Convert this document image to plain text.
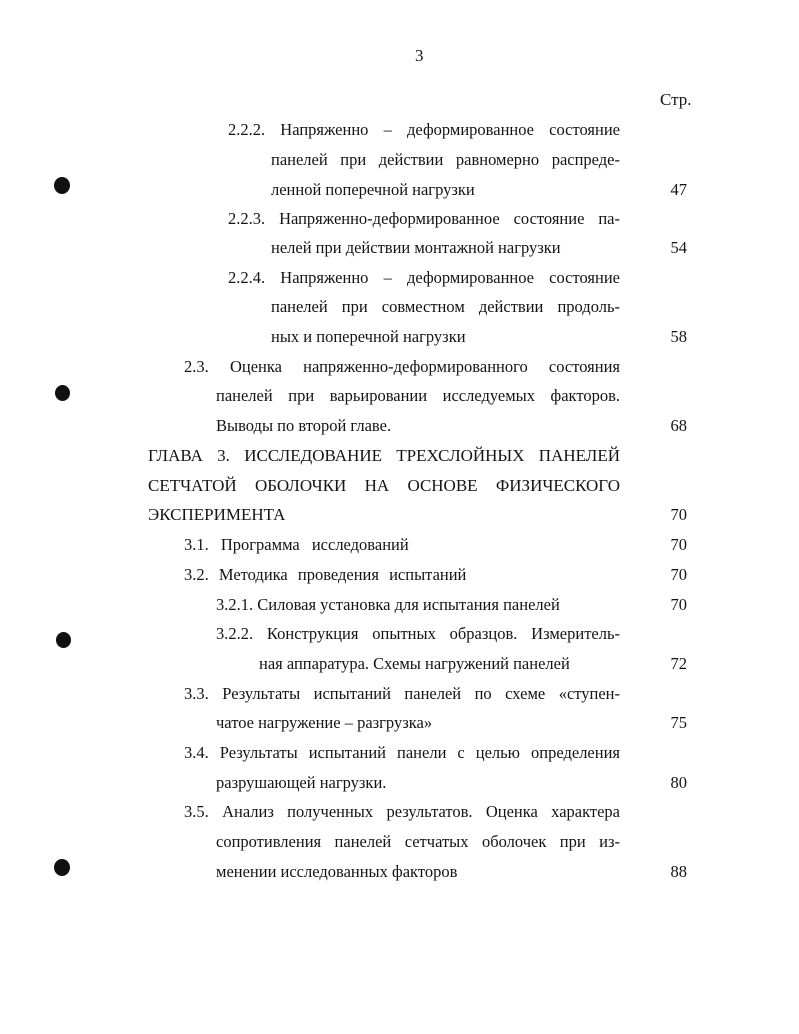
3
Стр.
2.2.2. Напряженно – деформированное состояние
панелей при действии равномерно распреде-
ленной поперечной нагрузки	47
2.2.3. Напряженно-деформированное состояние па-
нелей при действии монтажной нагрузки	54
2.2.4. Напряженно – деформированное состояние
панелей при совместном действии продоль-
ных и поперечной нагрузки	58
2.3. Оценка напряженно-деформированного состояния
панелей при варьировании исследуемых факторов.
Выводы по второй главе.	68
ГЛАВА 3. ИССЛЕДОВАНИЕ ТРЕХСЛОЙНЫХ ПАНЕЛЕЙ
СЕТЧАТОЙ ОБОЛОЧКИ НА ОСНОВЕ ФИЗИЧЕСКОГО
ЭКСПЕРИМЕНТА	70
3.1. Программа исследований	70
3.2. Методика проведения испытаний	70
3.2.1. Силовая установка для испытания панелей	70
3.2.2. Конструкция опытных образцов. Измеритель-
ная аппаратура. Схемы нагружений панелей	72
3.3. Результаты испытаний панелей по схеме «ступен-
чатое нагружение – разгрузка»	75
3.4. Результаты испытаний панели с целью определения
разрушающей нагрузки.	80
3.5. Анализ полученных результатов. Оценка характера
сопротивления панелей сетчатых оболочек при из-
менении исследованных факторов	88
